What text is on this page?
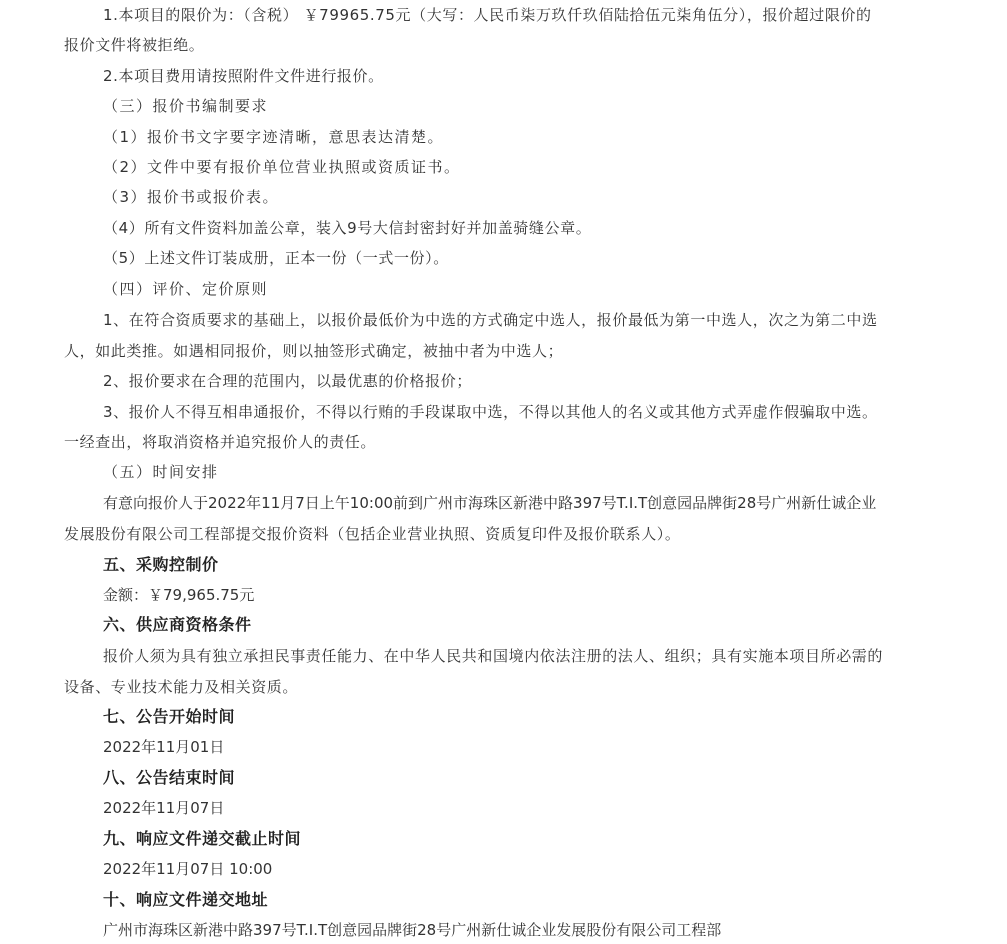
1.本项目的限价为：（含税） ￥79965.75元（大写：人民币柒万玖仟玖佰陆拾伍元柒角伍分），报价超过限价的

报价文件将被拒绝。

2.本项目费用请按照附件文件进行报价。

（三）报价书编制要求

（1）报价书文字要字迹清晰，意思表达清楚。

（2）文件中要有报价单位营业执照或资质证书。

（3）报价书或报价表。

（4）所有文件资料加盖公章，装入9号大信封密封好并加盖骑缝公章。

（5）上述文件订装成册，正本一份（一式一份）。

（四）评价、定价原则

1、在符合资质要求的基础上，以报价最低价为中选的方式确定中选人，报价最低为第一中选人，次之为第二中选

人，如此类推。如遇相同报价，则以抽签形式确定，被抽中者为中选人；

2、报价要求在合理的范围内，以最优惠的价格报价；

3、报价人不得互相串通报价，不得以行贿的手段谋取中选，不得以其他人的名义或其他方式弄虚作假骗取中选。

一经查出，将取消资格并追究报价人的责任。

（五）时间安排

有意向报价人于2022年11月7日上午10:00前到广州市海珠区新港中路397号T.I.T创意园品牌街28号广州新仕诚企业

发展股份有限公司工程部提交报价资料（包括企业营业执照、资质复印件及报价联系人）。

五、采购控制价

金额：￥79,965.75元

六、供应商资格条件

报价人须为具有独立承担民事责任能力、在中华人民共和国境内依法注册的法人、组织；具有实施本项目所必需的

设备、专业技术能力及相关资质。

七、公告开始时间

2022年11月01日

八、公告结束时间

2022年11月07日

九、响应文件递交截止时间

2022年11月07日 10:00

十、响应文件递交地址

广州市海珠区新港中路397号T.I.T创意园品牌街28号广州新仕诚企业发展股份有限公司工程部
